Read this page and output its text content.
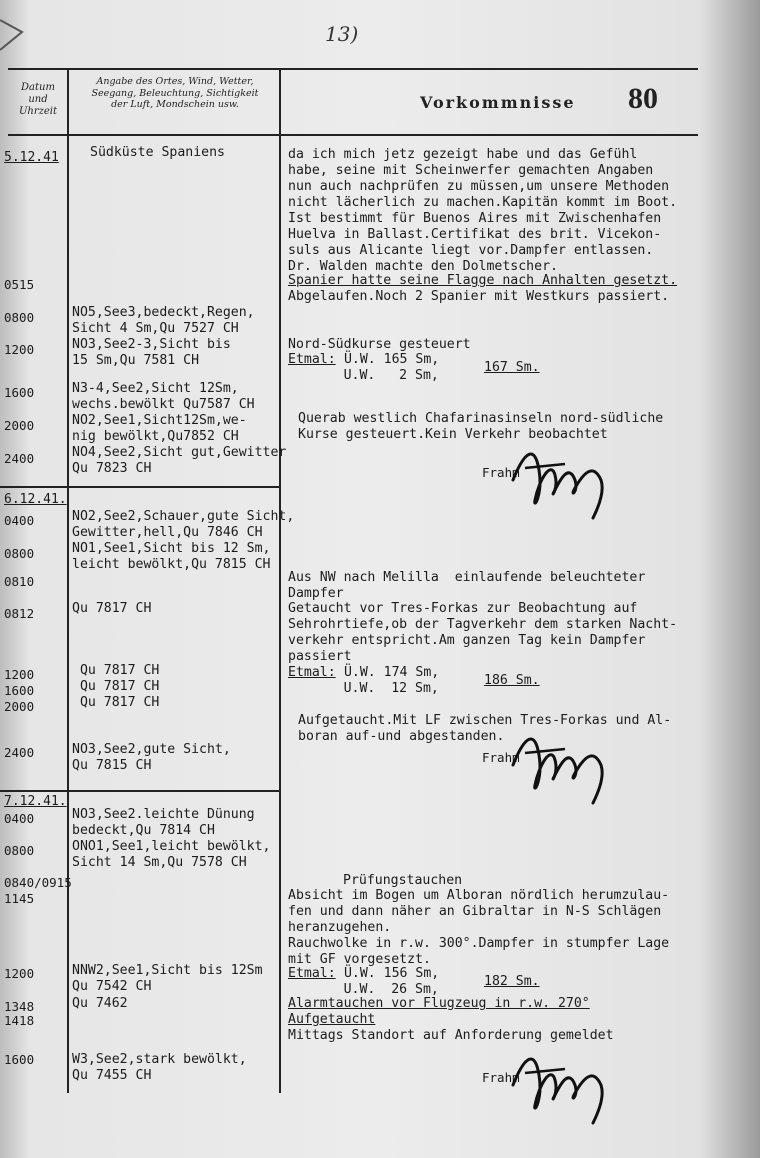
13)
Datum
und
Uhrzeit
Angabe des Ortes, Wind, Wetter,
Seegang, Beleuchtung, Sichtigkeit
der Luft, Mondschein usw.	Vorkommnisse 80
5.12.41
6.12.41.
7.12.41.
0515
0800
1200
1600
2000
2400
0400
0800
0810
0812
1200
1600
2000
2400
0400
0800
0840/0915
1145
1200
1348
1418
1600
Südküste Spaniens
NO5,See3,bedeckt,Regen,
Sicht 4 Sm,Qu 7527 CH
NO3,See2-3,Sicht bis
15 Sm,Qu 7581 CH
N3-4,See2,Sicht 12Sm,
wechs.bewölkt Qu7587 CH
NO2,See1,Sicht12Sm,we-
nig bewölkt,Qu7852 CH
NO4,See2,Sicht gut,Gewitter
Qu 7823 CH
NO2,See2,Schauer,gute Sicht,
Gewitter,hell,Qu 7846 CH
NO1,See1,Sicht bis 12 Sm,
leicht bewölkt,Qu 7815 CH
Qu 7817 CH
Qu 7817 CH
Qu 7817 CH
Qu 7817 CH
NO3,See2,gute Sicht,
Qu 7815 CH
NO3,See2.leichte Dünung
bedeckt,Qu 7814 CH
ONO1,See1,leicht bewölkt,
Sicht 14 Sm,Qu 7578 CH
NNW2,See1,Sicht bis 12Sm
Qu 7542 CH
Qu 7462
W3,See2,stark bewölkt,
Qu 7455 CH
da ich mich jetz gezeigt habe und das Gefühl
habe, seine mit Scheinwerfer gemachten Angaben
nun auch nachprüfen zu müssen,um unsere Methoden
nicht lächerlich zu machen.Kapitän kommt im Boot.
Ist bestimmt für Buenos Aires mit Zwischenhafen
Huelva in Ballast.Certifikat des brit. Vicekon-
suls aus Alicante liegt vor.Dampfer entlassen.
Dr. Walden machte den Dolmetscher.
Spanier hatte seine Flagge nach Anhalten gesetzt.
Abgelaufen.Noch 2 Spanier mit Westkurs passiert.
Nord-Südkurse gesteuert
Querab westlich Chafarinasinseln nord-südliche
Kurse gesteuert.Kein Verkehr beobachtet
Aus NW nach Melilla  einlaufende beleuchteter
Dampfer
Getaucht vor Tres-Forkas zur Beobachtung auf
Sehrohrtiefe,ob der Tagverkehr dem starken Nacht-
verkehr entspricht.Am ganzen Tag kein Dampfer
passiert
Aufgetaucht.Mit LF zwischen Tres-Forkas und Al-
boran auf-und abgestanden.
Prüfungstauchen
Absicht im Bogen um Alboran nördlich herumzulau-
fen und dann näher an Gibraltar in N-S Schlägen
heranzugehen.
Rauchwolke in r.w. 300°.Dampfer in stumpfer Lage
mit GF vorgesetzt.
Alarmtauchen vor Flugzeug in r.w. 270°
Aufgetaucht
Mittags Standort auf Anforderung gemeldet
Etmal: Ü.W. 165 Sm,
U.W.   2 Sm,
167 Sm.
Etmal: Ü.W. 174 Sm,
U.W.  12 Sm,
186 Sm.
Etmal: Ü.W. 156 Sm,
U.W.  26 Sm,
182 Sm.
Frahm
Frahm
Frahm
